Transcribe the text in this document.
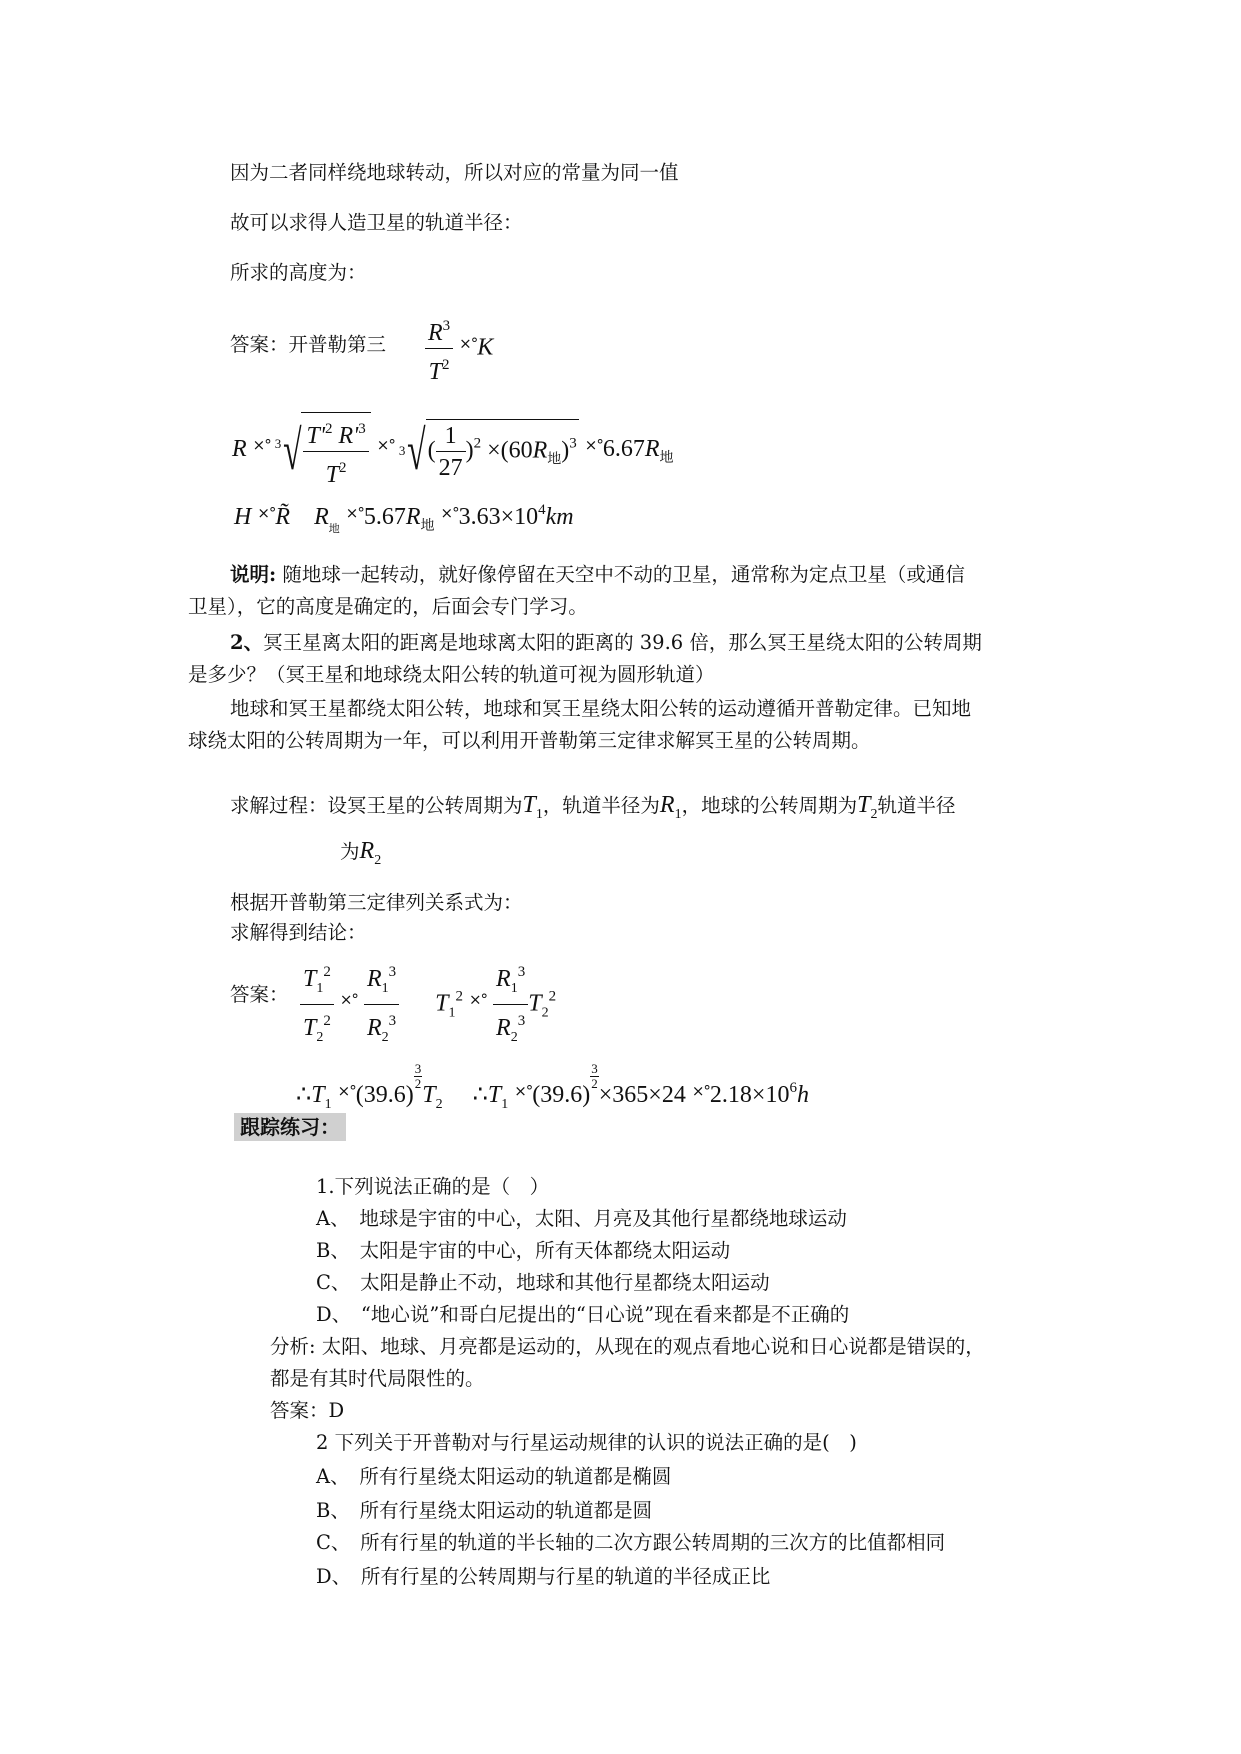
因为二者同样绕地球转动，所以对应的常量为同一值
故可以求得人造卫星的轨道半径：
所求的高度为：
答案：开普勒第三 $\frac{R^3}{T^2} ^{\times^\circ}K$
R ×° 3 √ $\frac{T'^2 R'^3}{T^2} ^{\times^\circ}$ 3 √( $\frac{1}{27} )^2 \times(60R_地)^3$ $^{\times^\circ}6.67R_地$
H ×°R̃ $R_地$ $^{\times^\circ}5.67R_地$ $^{\times^\circ}3.63\times 10^4km$
说明: 随地球一起转动，就好像停留在天空中不动的卫星，通常称为定点卫星（或通信
卫星），它的高度是确定的，后面会专门学习。
2、冥王星离太阳的距离是地球离太阳的距离的 39.6 倍，那么冥王星绕太阳的公转周期
是多少？（冥王星和地球绕太阳公转的轨道可视为圆形轨道）
地球和冥王星都绕太阳公转，地球和冥王星绕太阳公转的运动遵循开普勒定律。已知地
球绕太阳的公转周期为一年，可以利用开普勒第三定律求解冥王星的公转周期。
求解过程：设冥王星的公转周期为$T_1$，轨道半径为$R_1$，地球的公转周期为$T_2$轨道半径
为$R_2$
根据开普勒第三定律列关系式为：
求解得到结论：
答案： $\frac{T_1^2}{T_2^2} ^{\times^\circ} \frac{R_1^3}{R_2^3} T_1^2$ $^{\times^\circ} \frac{R_1^3}{R_2^3} T_2^2$
$\therefore T_1$ ×°(39.6)
$\frac{3}{2}$
$T_2$ $\therefore T_1$ ×°(39.6)
$\frac{3}{2}$
×365×24 $^{\times^\circ}2.18\times 10^6h$
跟踪练习：
1.下列说法正确的是（　）
A、　地球是宇宙的中心，太阳、月亮及其他行星都绕地球运动
B、　太阳是宇宙的中心，所有天体都绕太阳运动
C、　太阳是静止不动，地球和其他行星都绕太阳运动
D、　“地心说”和哥白尼提出的“日心说”现在看来都是不正确的
分析: 太阳、地球、月亮都是运动的，从现在的观点看地心说和日心说都是错误的，
都是有其时代局限性的。
答案：D
2 下列关于开普勒对与行星运动规律的认识的说法正确的是(　)
A、　所有行星绕太阳运动的轨道都是椭圆
B、　所有行星绕太阳运动的轨道都是圆
C、　所有行星的轨道的半长轴的二次方跟公转周期的三次方的比值都相同
D、　所有行星的公转周期与行星的轨道的半径成正比
